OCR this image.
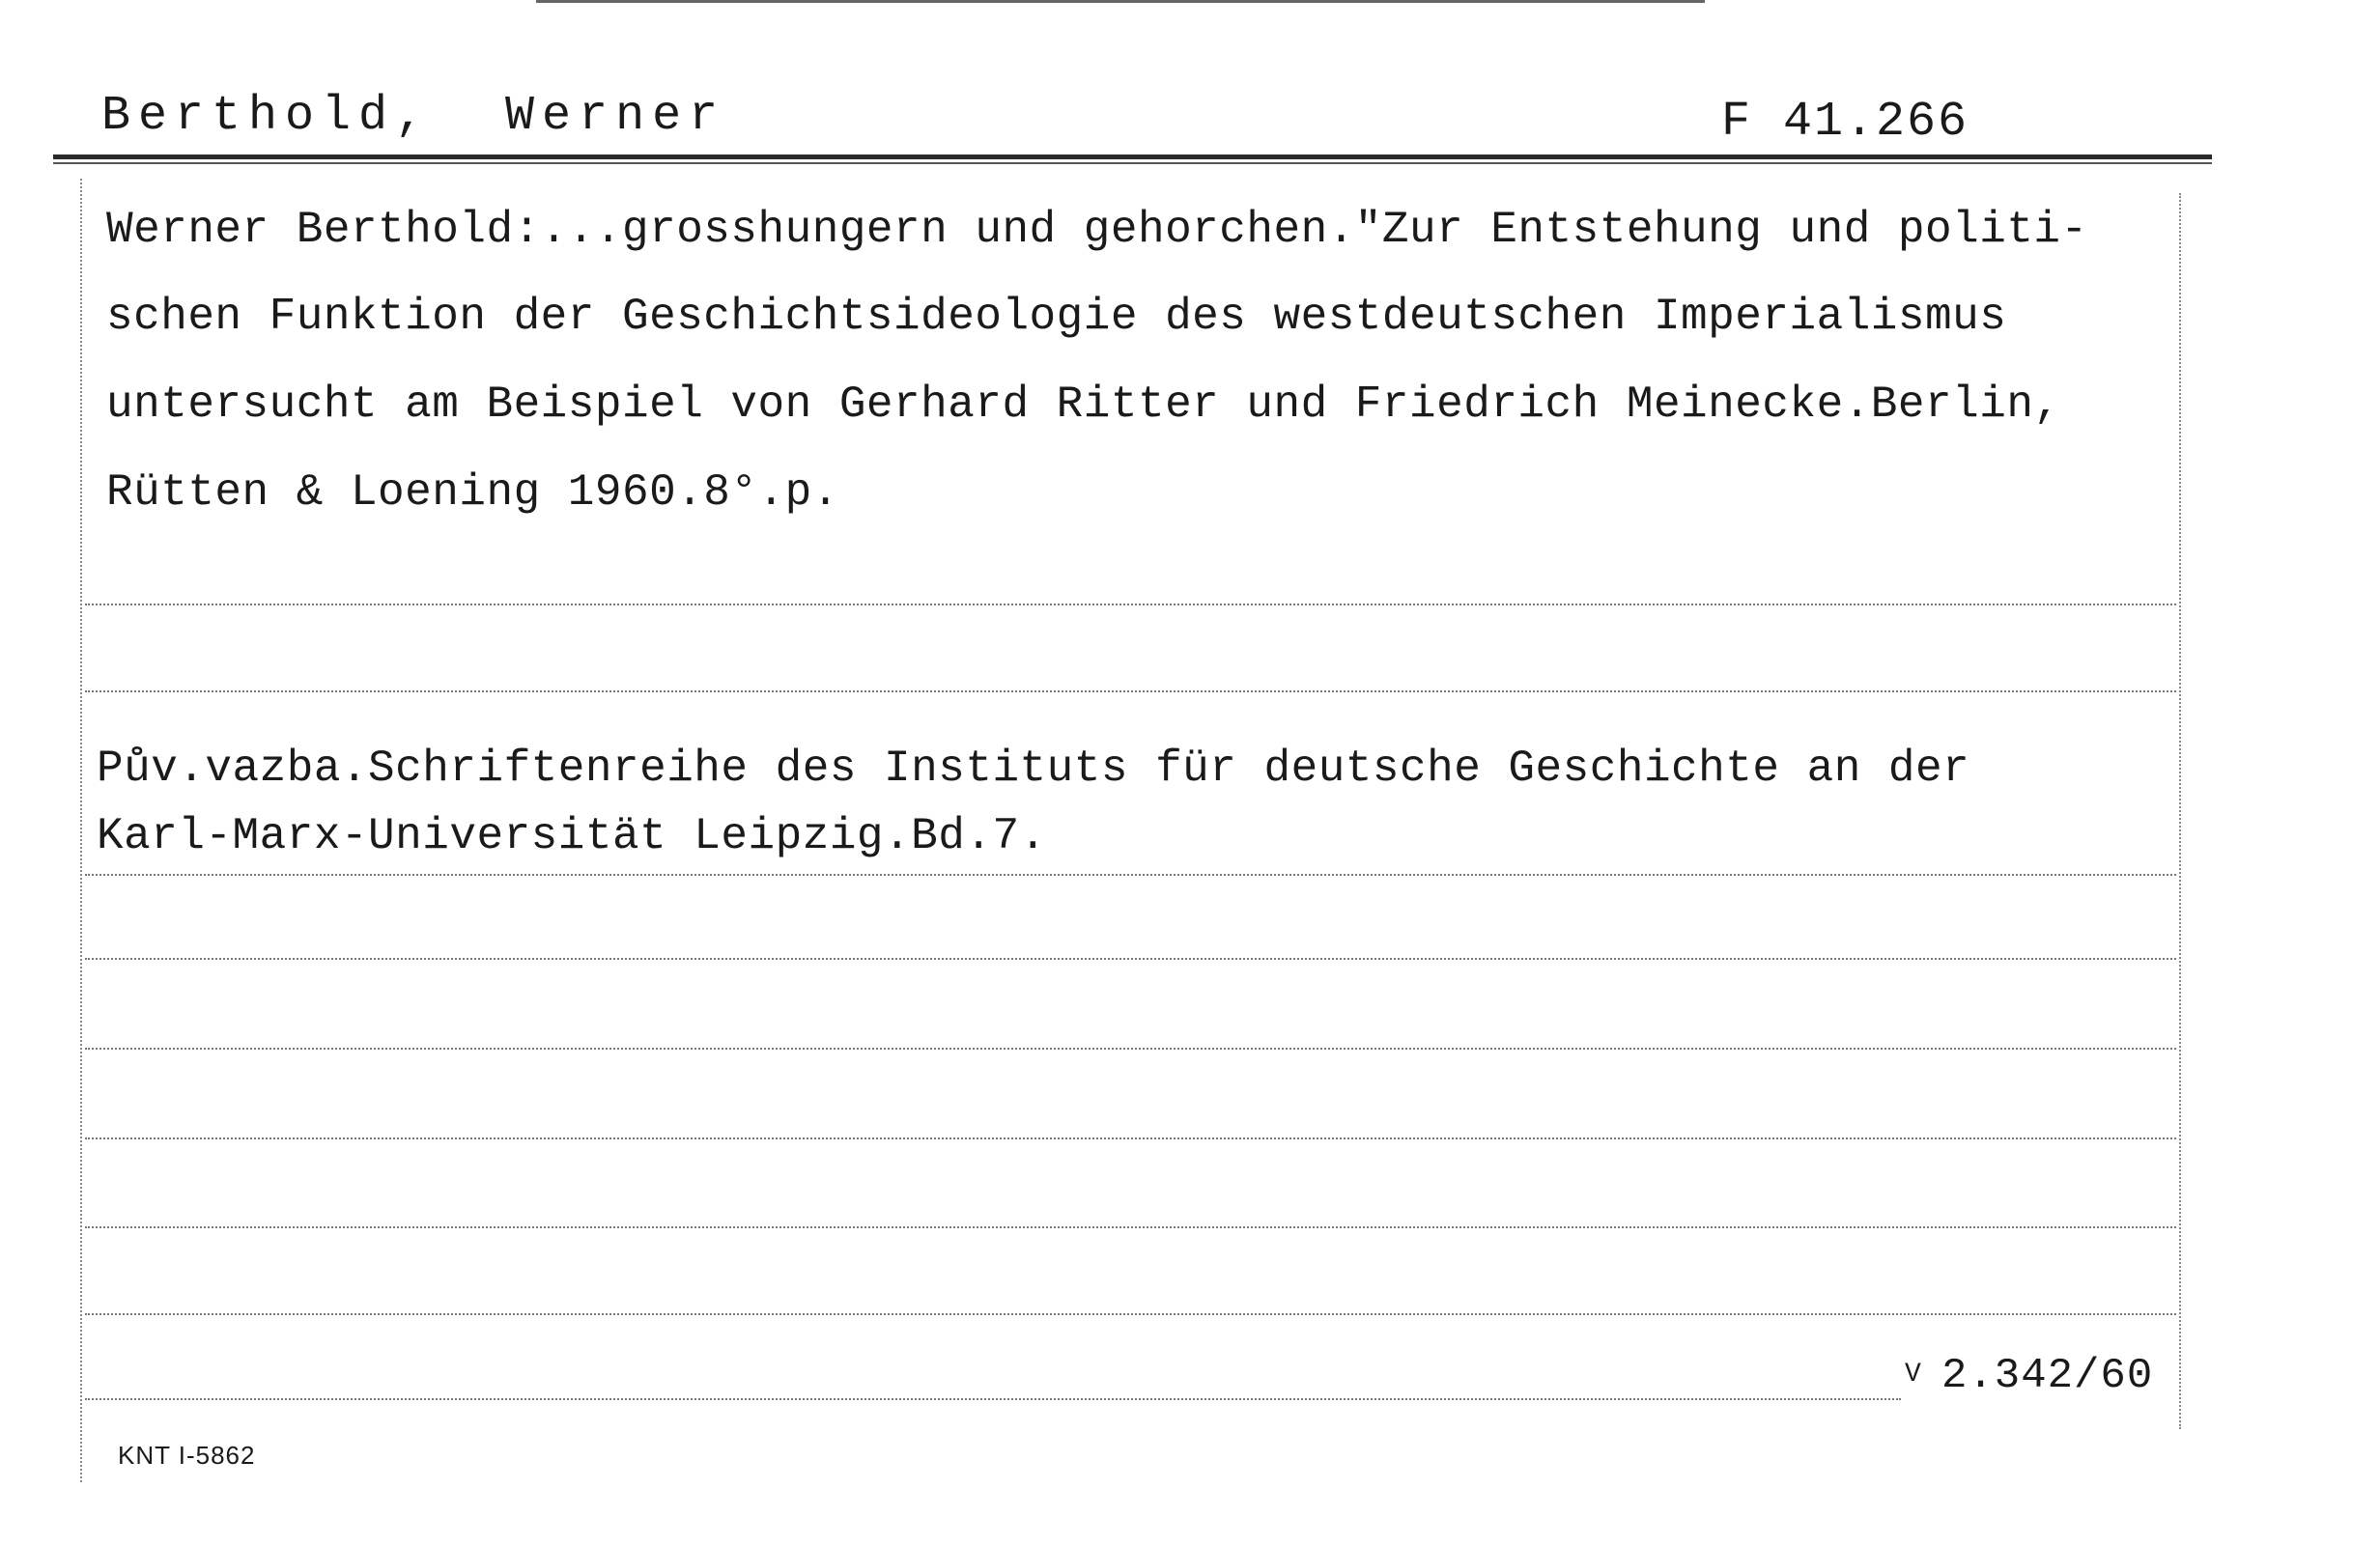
Berthold,  Werner	F 41.266
Werner Berthold:...grosshungern und gehorchen."Zur Entstehung und politi-
schen Funktion der Geschichtsideologie des westdeutschen Imperialismus
untersucht am Beispiel von Gerhard Ritter und Friedrich Meinecke.Berlin,
Rütten & Loening 1960.8°.p.
Pův.vazba.Schriftenreihe des Instituts für deutsche Geschichte an der
Karl-Marx-Universität Leipzig.Bd.7.
V 2.342/60
KNT I-5862
